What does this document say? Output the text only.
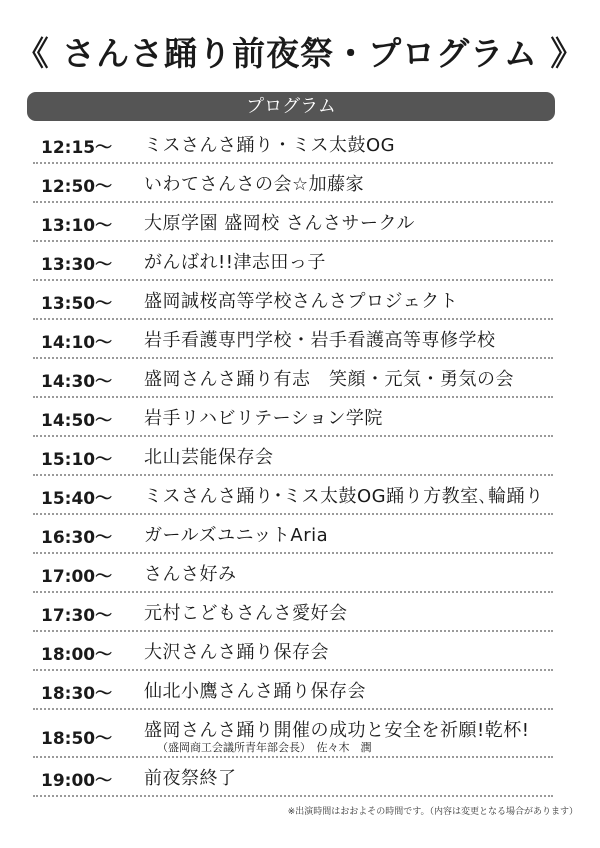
《 さんさ踊り前夜祭・プログラム 》
プログラム
12:15～ ミスさんさ踊り・ミス太鼓OG
12:50～ いわてさんさの会☆加藤家
13:10～ 大原学園 盛岡校 さんさサークル
13:30～ がんばれ!!津志田っ子
13:50～ 盛岡誠桜高等学校さんさプロジェクト
14:10～ 岩手看護専門学校・岩手看護高等専修学校
14:30～ 盛岡さんさ踊り有志　笑顔・元気・勇気の会
14:50～ 岩手リハビリテーション学院
15:10～ 北山芸能保存会
15:40～ ミスさんさ踊り･ミス太鼓OG踊り方教室､輪踊り
16:30～ ガールズユニットAria
17:00～ さんさ好み
17:30～ 元村こどもさんさ愛好会
18:00～ 大沢さんさ踊り保存会
18:30～ 仙北小鷹さんさ踊り保存会
18:50～ 盛岡さんさ踊り開催の成功と安全を祈願!乾杯!
（盛岡商工会議所青年部会長）　佐々木　潤
19:00～ 前夜祭終了
※出演時間はおおよその時間です。（内容は変更となる場合があります）
